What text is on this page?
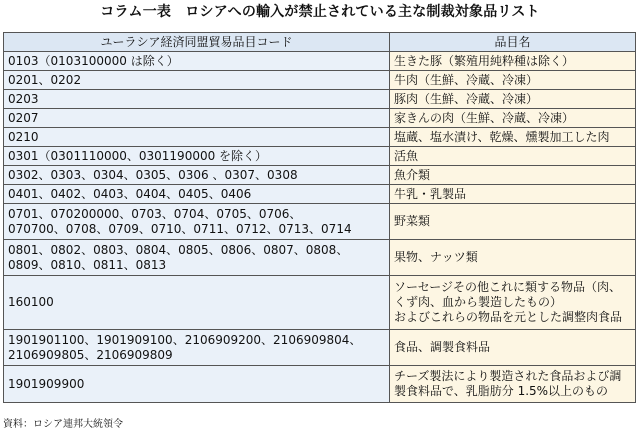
コラム一表　ロシアへの輸入が禁止されている主な制裁対象品リスト
ユーラシア経済同盟貿易品目コード	品目名
0103（0103100000 は除く）	生きた豚（繁殖用純粋種は除く）
0201、0202	牛肉（生鮮、冷蔵、冷凍）
0203	豚肉（生鮮、冷蔵、冷凍）
0207	家きんの肉（生鮮、冷蔵、冷凍）
0210	塩蔵、塩水漬け、乾燥、燻製加工した肉
0301（0301110000、0301190000 を除く）	活魚
0302、0303、0304、0305、0306 、0307、0308	魚介類
0401、0402、0403、0404、0405、0406	牛乳・乳製品
0701、070200000、0703、0704、0705、0706、
070700、0708、0709、0710、0711、0712、0713、0714	野菜類
0801、0802、0803、0804、0805、0806、0807、0808、
0809、0810、0811、0813	果物、ナッツ類
160100	ソーセージその他これに類する物品（肉、
くず肉、血から製造したもの）
およびこれらの物品を元とした調整肉食品
1901901100、1901909100、2106909200、2106909804、
2106909805、2106909809	食品、調製食料品
1901909900	チーズ製法により製造された食品および調
製食料品で、乳脂肪分 1.5%以上のもの
資料：ロシア連邦大統領令
